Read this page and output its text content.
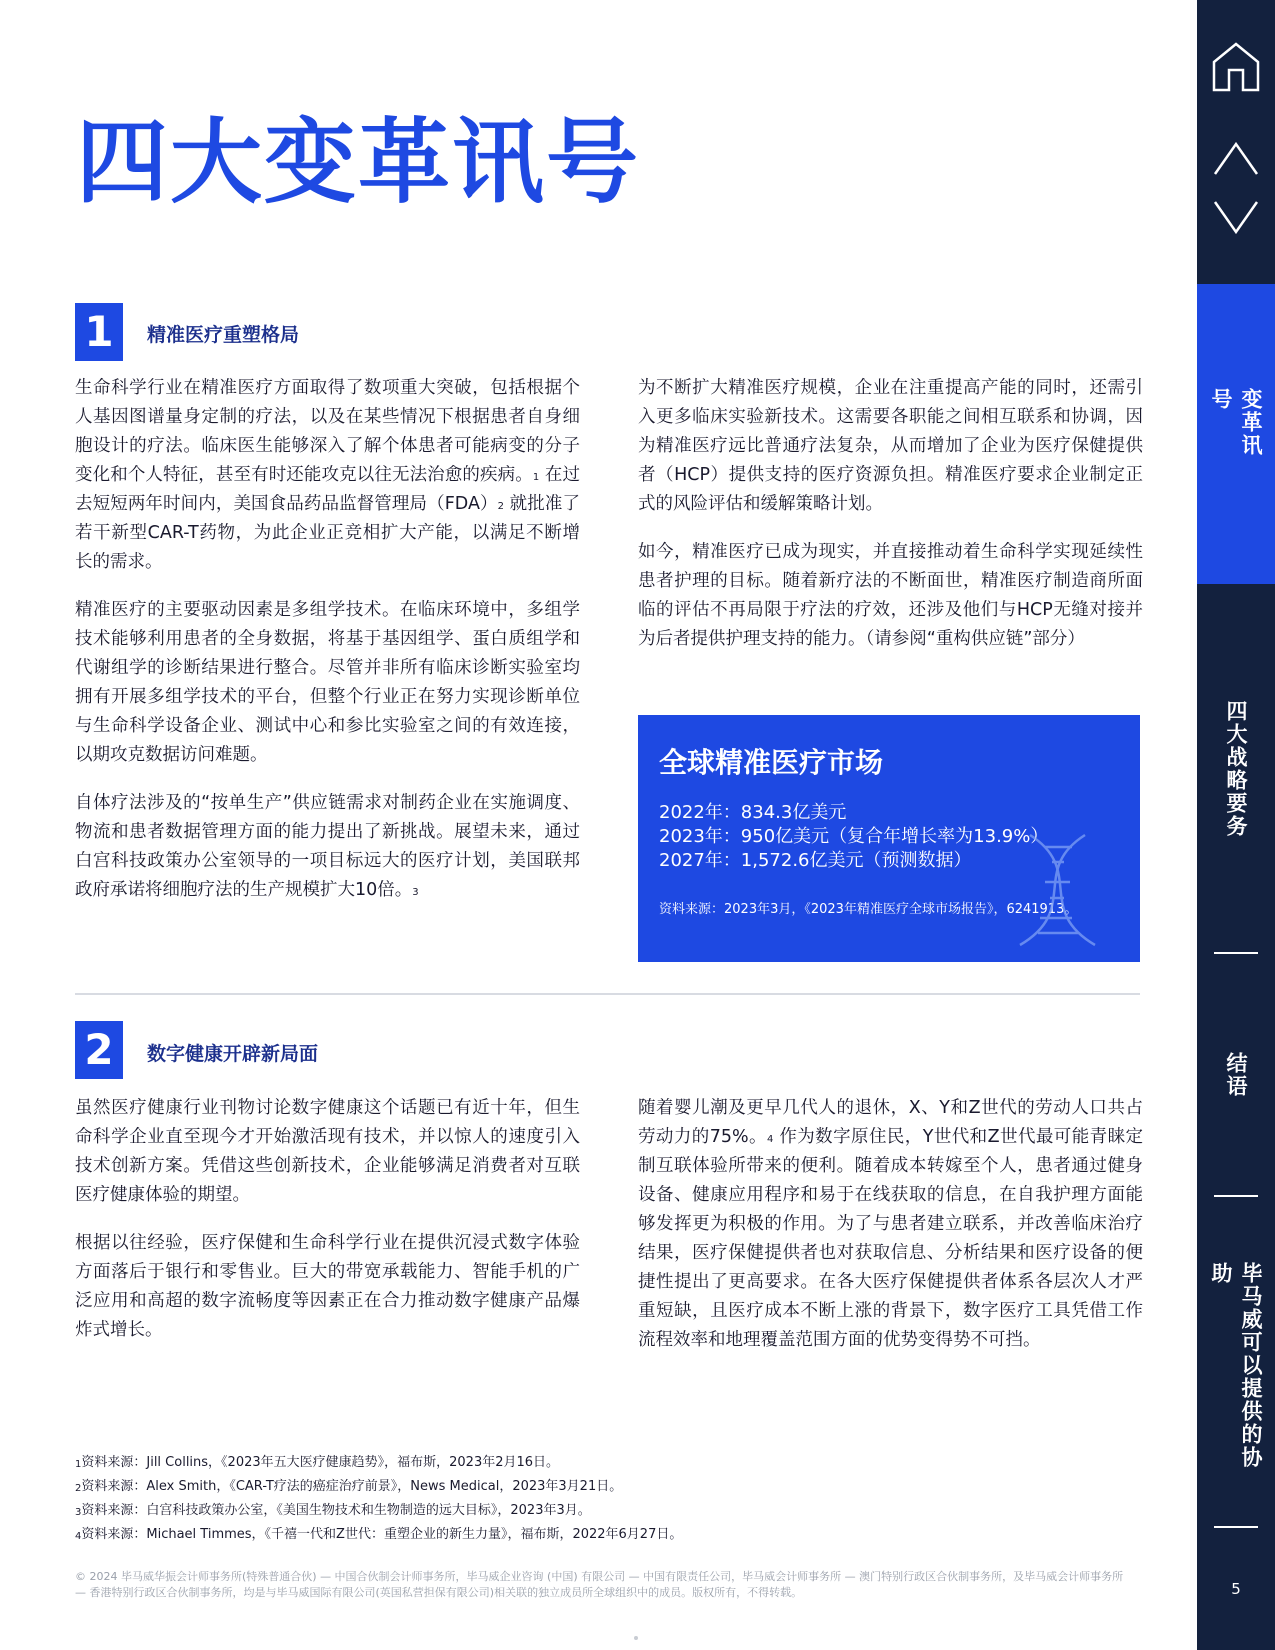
四大变革讯号
1	精准医疗重塑格局

生命科学行业在精准医疗方面取得了数项重大突破，包括根据个人基因图谱量身定制的疗法，以及在某些情况下根据患者自身细胞设计的疗法。临床医生能够深入了解个体患者可能病变的分子变化和个人特征，甚至有时还能攻克以往无法治愈的疾病。$^1$ 在过去短短两年时间内，美国食品药品监督管理局（FDA）$^2$ 就批准了若干新型CAR-T药物，为此企业正竞相扩大产能，以满足不断增长的需求。

精准医疗的主要驱动因素是多组学技术。在临床环境中，多组学技术能够利用患者的全身数据，将基于基因组学、蛋白质组学和代谢组学的诊断结果进行整合。尽管并非所有临床诊断实验室均拥有开展多组学技术的平台，但整个行业正在努力实现诊断单位与生命科学设备企业、测试中心和参比实验室之间的有效连接，以期攻克数据访问难题。

自体疗法涉及的“按单生产”供应链需求对制药企业在实施调度、物流和患者数据管理方面的能力提出了新挑战。展望未来，通过白宫科技政策办公室领导的一项目标远大的医疗计划，美国联邦政府承诺将细胞疗法的生产规模扩大10倍。$^3$

为不断扩大精准医疗规模，企业在注重提高产能的同时，还需引入更多临床实验新技术。这需要各职能之间相互联系和协调，因为精准医疗远比普通疗法复杂，从而增加了企业为医疗保健提供者（HCP）提供支持的医疗资源负担。精准医疗要求企业制定正式的风险评估和缓解策略计划。

如今，精准医疗已成为现实，并直接推动着生命科学实现延续性患者护理的目标。随着新疗法的不断面世，精准医疗制造商所面临的评估不再局限于疗法的疗效，还涉及他们与HCP无缝对接并为后者提供护理支持的能力。（请参阅“重构供应链”部分）

全球精准医疗市场
2022年：834.3亿美元
2023年：950亿美元（复合年增长率为13.9%）
2027年：1,572.6亿美元（预测数据）
资料来源：2023年3月，《2023年精准医疗全球市场报告》，6241913。
2	数字健康开辟新局面

虽然医疗健康行业刊物讨论数字健康这个话题已有近十年，但生命科学企业直至现今才开始激活现有技术，并以惊人的速度引入技术创新方案。凭借这些创新技术，企业能够满足消费者对互联医疗健康体验的期望。

根据以往经验，医疗保健和生命科学行业在提供沉浸式数字体验方面落后于银行和零售业。巨大的带宽承载能力、智能手机的广泛应用和高超的数字流畅度等因素正在合力推动数字健康产品爆炸式增长。

随着婴儿潮及更早几代人的退休，X、Y和Z世代的劳动人口共占劳动力的75%。$^4$ 作为数字原住民，Y世代和Z世代最可能青睐定制互联体验所带来的便利。随着成本转嫁至个人，患者通过健身设备、健康应用程序和易于在线获取的信息，在自我护理方面能够发挥更为积极的作用。为了与患者建立联系，并改善临床治疗结果，医疗保健提供者也对获取信息、分析结果和医疗设备的便捷性提出了更高要求。在各大医疗保健提供者体系各层次人才严重短缺，且医疗成本不断上涨的背景下，数字医疗工具凭借工作流程效率和地理覆盖范围方面的优势变得势不可挡。

$^1$资料来源：Jill Collins，《2023年五大医疗健康趋势》，福布斯，2023年2月16日。
$^2$资料来源：Alex Smith，《CAR-T疗法的癌症治疗前景》，News Medical，2023年3月21日。
$^3$资料来源：白宫科技政策办公室，《美国生物技术和生物制造的远大目标》，2023年3月。
$^4$资料来源：Michael Timmes，《千禧一代和Z世代：重塑企业的新生力量》，福布斯，2022年6月27日。
© 2024 毕马威华振会计师事务所(特殊普通合伙) — 中国合伙制会计师事务所，毕马威企业咨询 (中国) 有限公司 — 中国有限责任公司，毕马威会计师事务所 — 澳门特别行政区合伙制事务所，及毕马威会计师事务所 — 香港特别行政区合伙制事务所，均是与毕马威国际有限公司(英国私营担保有限公司)相关联的独立成员所全球组织中的成员。版权所有，不得转载。
变革讯号
四大战略要务
结语
毕马威可以提供的协助
5
